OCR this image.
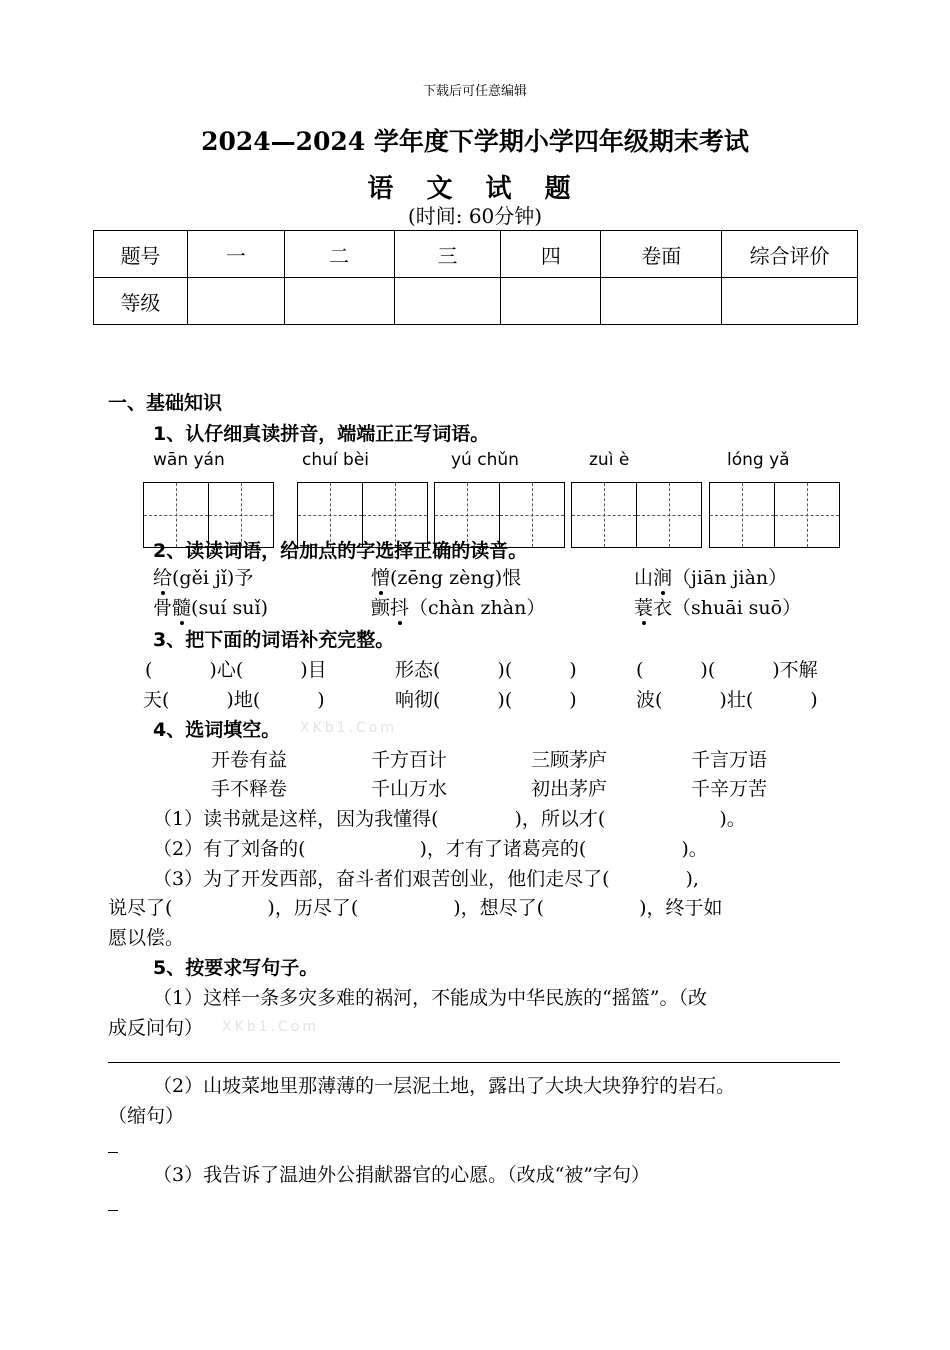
下载后可任意编辑
2024—2024 学年度下学期小学四年级期末考试
语 文 试 题
(时间: 60分钟)
题号	一	二	三	四	卷面	综合评价
等级						
一、基础知识
1、认仔细真读拼音，端端正正写词语。
wān yán	chuí bèi	yú chǔn	zuì è	lóng yǎ
2、读读词语，给加点的字选择正确的读音。
给(gěi jǐ)予	憎(zēng zèng)恨	山涧（jiān jiàn）
骨髓(suí suǐ)	颤抖（chàn zhàn）	蓑衣（shuāi suō）
3、把下面的词语补充完整。
(　　　)心(　　　)目	形态(　　　)(　　　)	(　　　)(　　　)不解
天(　　　)地(　　　)	响彻(　　　)(　　　)	波(　　　)壮(　　　)
4、选词填空。 XKb1.Com
开卷有益	千方百计	三顾茅庐	千言万语
手不释卷	千山万水	初出茅庐	千辛万苦
（1）读书就是这样，因为我懂得(　　　　)，所以才(　　　　　　)。
（2）有了刘备的(　　　　　　)，才有了诸葛亮的(　　　　　)。
（3）为了开发西部，奋斗者们艰苦创业，他们走尽了(　　　　),
说尽了(　　　　　)，历尽了(　　　　　)，想尽了(　　　　　)，终于如
愿以偿。
5、按要求写句子。
（1）这样一条多灾多难的祸河，不能成为中华民族的“摇篮”。（改
成反问句） XKb1.Com
（2）山坡菜地里那薄薄的一层泥土地，露出了大块大块狰狞的岩石。
（缩句）
（3）我告诉了温迪外公捐献器官的心愿。（改成“被”字句）
